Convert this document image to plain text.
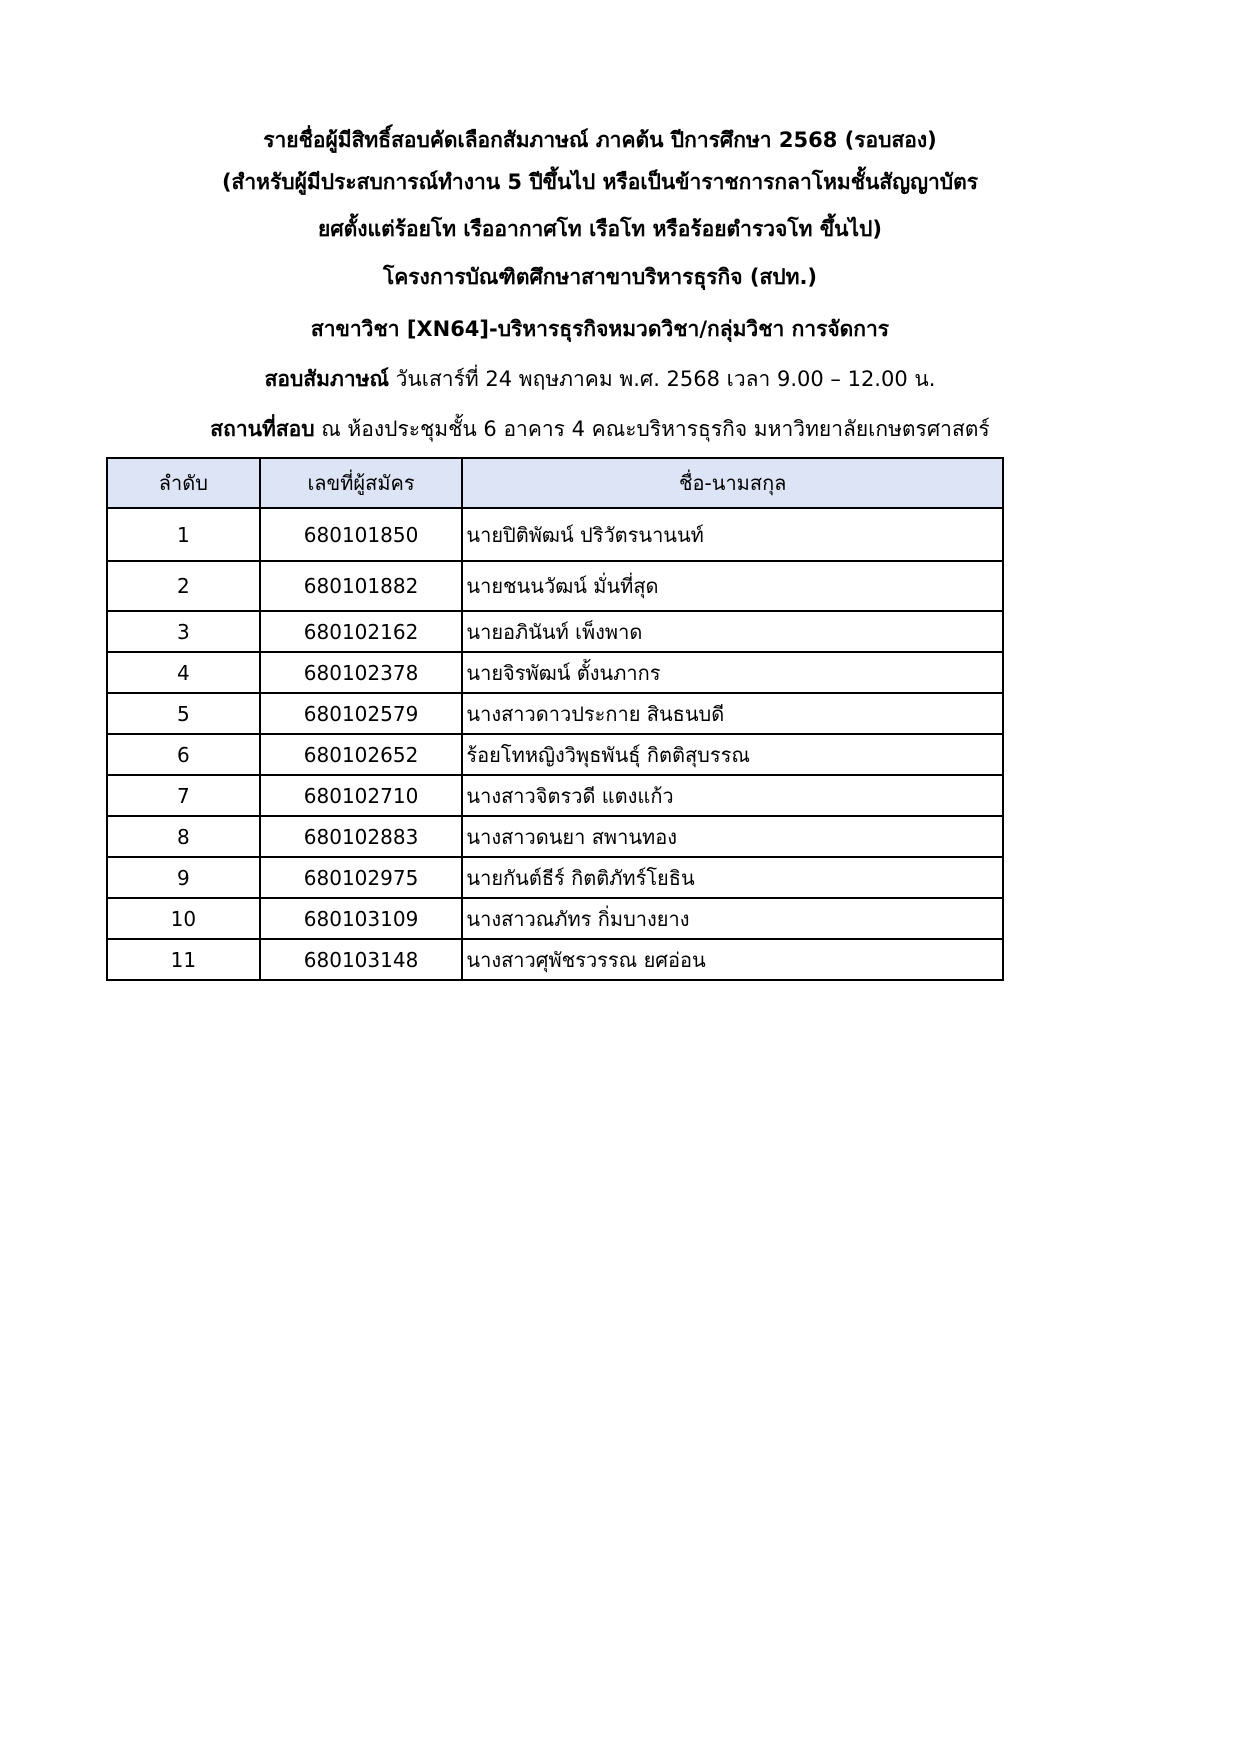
รายชื่อผู้มีสิทธิ์สอบคัดเลือกสัมภาษณ์ ภาคต้น ปีการศึกษา 2568 (รอบสอง)
(สำหรับผู้มีประสบการณ์ทำงาน 5 ปีขึ้นไป หรือเป็นข้าราชการกลาโหมชั้นสัญญาบัตร
ยศตั้งแต่ร้อยโท เรืออากาศโท เรือโท หรือร้อยตำรวจโท ขึ้นไป)
โครงการบัณฑิตศึกษาสาขาบริหารธุรกิจ (สปท.)
สาขาวิชา [XN64]-บริหารธุรกิจหมวดวิชา/กลุ่มวิชา การจัดการ
สอบสัมภาษณ์ วันเสาร์ที่ 24 พฤษภาคม พ.ศ. 2568 เวลา 9.00 – 12.00 น.
สถานที่สอบ ณ ห้องประชุมชั้น 6 อาคาร 4 คณะบริหารธุรกิจ มหาวิทยาลัยเกษตรศาสตร์
ลำดับ	เลขที่ผู้สมัคร	ชื่อ-นามสกุล
1	680101850	นายปิติพัฒน์ ปริวัตรนานนท์
2	680101882	นายชนนวัฒน์ มั่นที่สุด
3	680102162	นายอภินันท์ เพ็งพาด
4	680102378	นายจิรพัฒน์ ตั้งนภากร
5	680102579	นางสาวดาวประกาย สินธนบดี
6	680102652	ร้อยโทหญิงวิพุธพันธุ์ กิตติสุบรรณ
7	680102710	นางสาวจิตรวดี แตงแก้ว
8	680102883	นางสาวดนยา สพานทอง
9	680102975	นายกันต์ธีร์ กิตติภัทร์โยธิน
10	680103109	นางสาวณภัทร กิ่มบางยาง
11	680103148	นางสาวศุพัชรวรรณ ยศอ่อน
